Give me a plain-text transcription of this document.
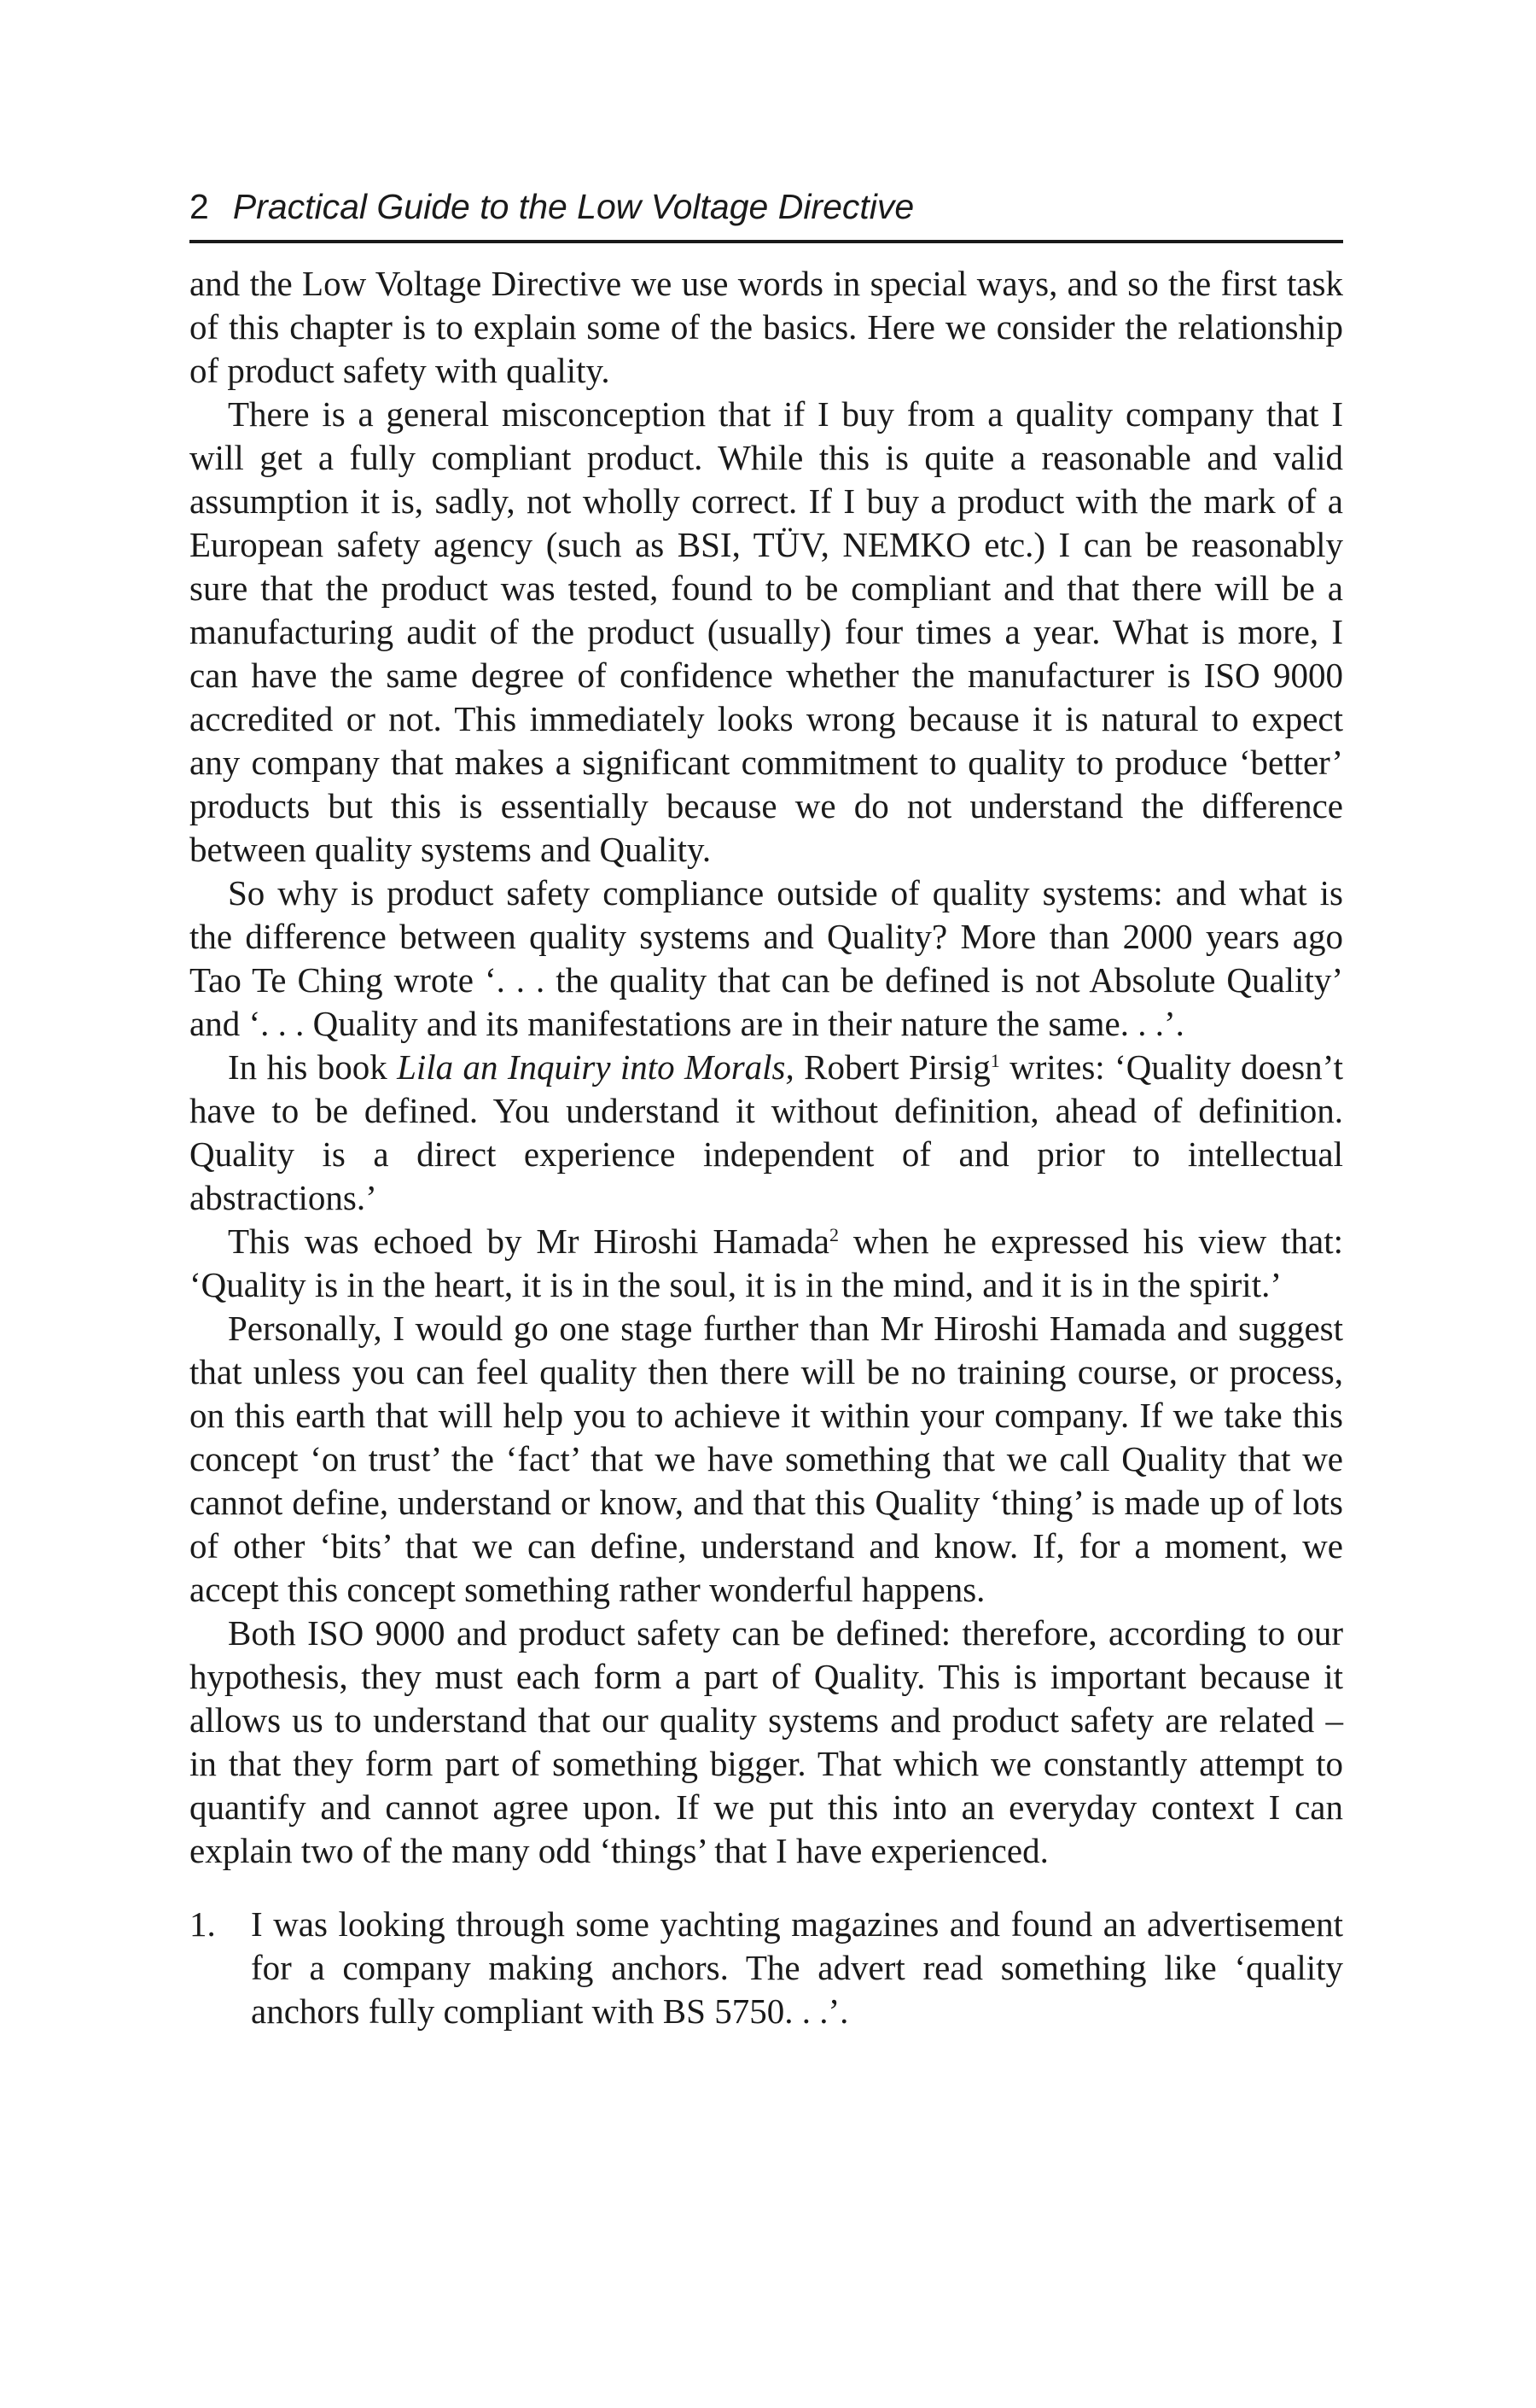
2 Practical Guide to the Low Voltage Directive

and the Low Voltage Directive we use words in special ways, and so the first task of this chapter is to explain some of the basics. Here we consider the relationship of product safety with quality.

There is a general misconception that if I buy from a quality company that I will get a fully compliant product. While this is quite a reasonable and valid assumption it is, sadly, not wholly correct. If I buy a product with the mark of a European safety agency (such as BSI, TÜV, NEMKO etc.) I can be reasonably sure that the product was tested, found to be compliant and that there will be a manufacturing audit of the product (usually) four times a year. What is more, I can have the same degree of confidence whether the manufacturer is ISO 9000 accredited or not. This immediately looks wrong because it is natural to expect any company that makes a significant commitment to quality to produce ‘better’ products but this is essentially because we do not understand the difference between quality systems and Quality.

So why is product safety compliance outside of quality systems: and what is the difference between quality systems and Quality? More than 2000 years ago Tao Te Ching wrote ‘. . . the quality that can be defined is not Absolute Quality’ and ‘. . . Quality and its manifestations are in their nature the same. . .’.

In his book Lila an Inquiry into Morals, Robert Pirsig$^1$ writes: ‘Quality doesn’t have to be defined. You understand it without definition, ahead of definition. Quality is a direct experience independent of and prior to intellectual abstractions.’

This was echoed by Mr Hiroshi Hamada$^2$ when he expressed his view that: ‘Quality is in the heart, it is in the soul, it is in the mind, and it is in the spirit.’

Personally, I would go one stage further than Mr Hiroshi Hamada and suggest that unless you can feel quality then there will be no training course, or process, on this earth that will help you to achieve it within your company. If we take this concept ‘on trust’ the ‘fact’ that we have something that we call Quality that we cannot define, understand or know, and that this Quality ‘thing’ is made up of lots of other ‘bits’ that we can define, understand and know. If, for a moment, we accept this concept something rather wonderful happens.

Both ISO 9000 and product safety can be defined: therefore, according to our hypothesis, they must each form a part of Quality. This is important because it allows us to understand that our quality systems and product safety are related – in that they form part of something bigger. That which we constantly attempt to quantify and cannot agree upon. If we put this into an everyday context I can explain two of the many odd ‘things’ that I have experienced.

1. I was looking through some yachting magazines and found an advertisement for a company making anchors. The advert read something like ‘quality anchors fully compliant with BS 5750. . .’.
